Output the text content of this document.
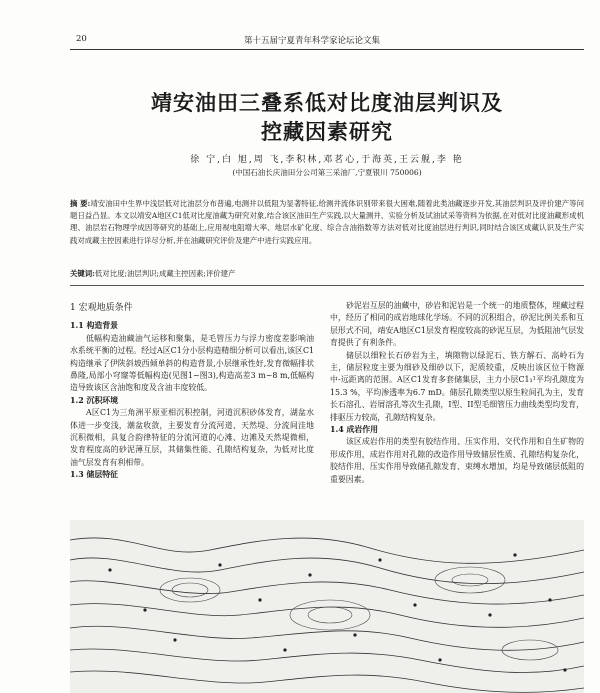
20	第十五届宁夏青年科学家论坛论文集
靖安油田三叠系低对比度油层判识及
控藏因素研究
徐 宁,白 旭,周 飞,李积林,邓茗心,于海英,王云舰,李 艳
(中国石油长庆油田分公司第三采油厂,宁夏银川 750006)
摘 要:靖安油田中生界中浅层低对比油层分布普遍,电测井以低阻为显著特征,给测井流体识别带来很大困难,随着此类油藏逐步开发,其油层判识及评价建产等问题日益凸显。本文以靖安A地区C1低对比度油藏为研究对象,结合该区油田生产实践,以大量测井、实验分析及试油试采等资料为依据,在对低对比度油藏形成机理、油层岩石物理学成因等研究的基础上,应用视电阻增大率、地层水矿化度、综合含油指数等方法对低对比度油层进行判识,同时结合该区成藏认识及生产实践对成藏主控因素进行详尽分析,并在油藏研究评价及建产中进行实践应用。
关键词:低对比度;油层判识;成藏主控因素;评价建产
1 宏观地质条件

1.1 构造背景

低幅构造油藏油气运移和聚集，是毛管压力与浮力密度差影响油水系统平衡的过程。经过A区C1分小层构造精细分析可以看出,该区C1构造继承了伊陕斜坡西倾单斜的构造背景,小层继承性好,发育微幅排状鼻隆,局部小穹窿等低幅构造(见图1~图3),构造高差3 m~8 m,低幅构造导致该区含油饱和度及含油丰度较低。

1.2 沉积环境

A区C1为三角洲平原亚相沉积控制，河道沉积砂体发育，湖盆水体进一步变浅，潮盆收敛，主要发育分流河道、天然堤、分流间洼地沉积微相，具复合韵律特征的分流河道的心滩、边滩及天然堤微相，发育程度高的砂泥薄互层，其储集性能、孔隙结构复杂，为低对比度油气层发育有利相带。

1.3 储层特征

砂泥岩互层的油藏中，砂岩和泥岩是一个统一的地质整体，埋藏过程中，经历了相同的成岩地球化学场。不同的沉积组合，砂泥比例关系和互层形式不同，靖安A地区C1层发育程度较高的砂泥互层，为低阻油气层发育提供了有利条件。

储层以细粒长石砂岩为主，填隙物以绿泥石、铁方解石、高岭石为主，储层粒度主要为细砂及细砂以下，泥质较重，反映出该区位于物源中-远距离的范围。A区C1发育多套储集层，主力小层C1₁¹平均孔隙度为15.3 %，平均渗透率为6.7 mD。储层孔隙类型以原生粒间孔为主，发育长石溶孔、岩屑溶孔等次生孔隙，I型、II型毛细管压力曲线类型均发育，排驱压力较高，孔隙结构复杂。

1.4 成岩作用

该区成岩作用的类型有胶结作用、压实作用、交代作用和自生矿物的形成作用，成岩作用对孔隙的改造作用导致储层性质、孔隙结构复杂化，胶结作用、压实作用导致储孔隙发育、束缚水增加，均是导致储层低阻的重要因素。
